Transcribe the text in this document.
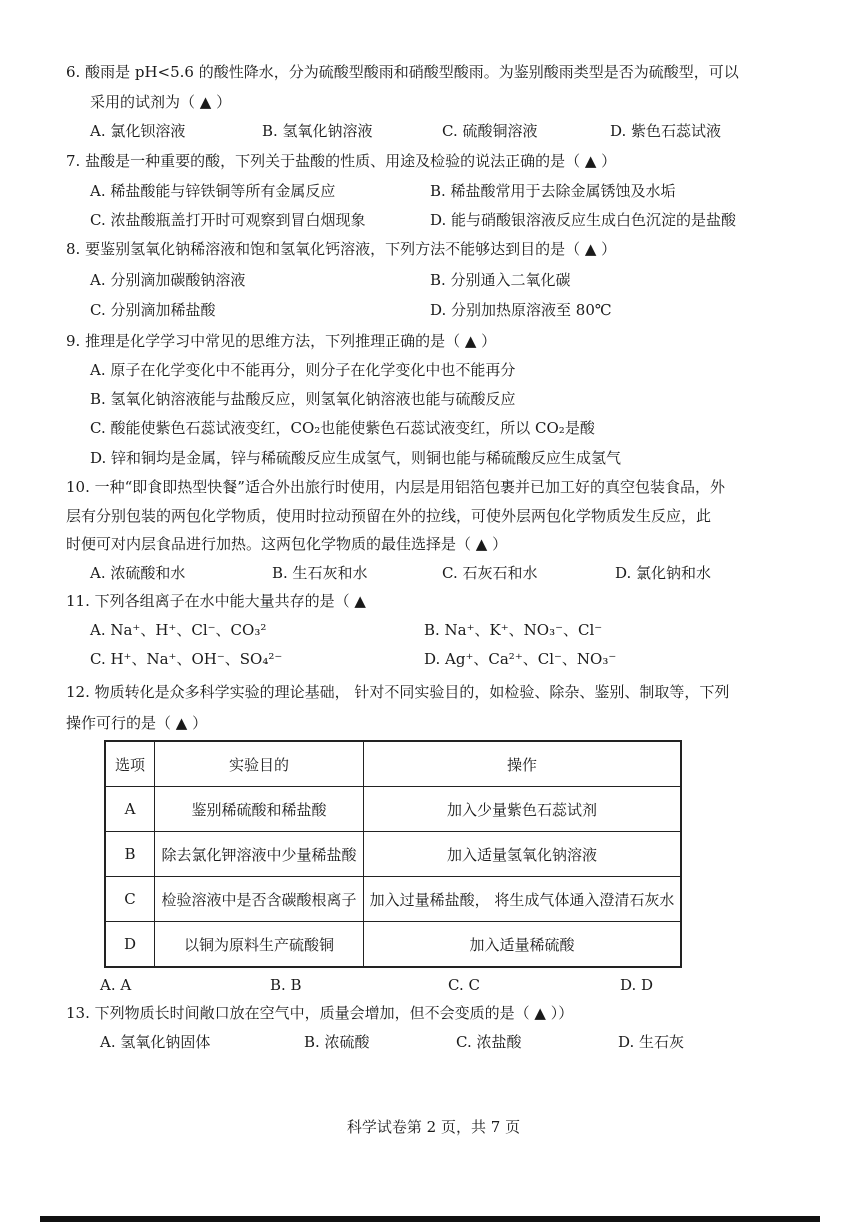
6. 酸雨是 pH<5.6 的酸性降水，分为硫酸型酸雨和硝酸型酸雨。为鉴别酸雨类型是否为硫酸型，可以
采用的试剂为（ ▲ ）
A. 氯化钡溶液	B. 氢氧化钠溶液	C. 硫酸铜溶液	D. 紫色石蕊试液
7. 盐酸是一种重要的酸，下列关于盐酸的性质、用途及检验的说法正确的是（ ▲ ）
A. 稀盐酸能与锌铁铜等所有金属反应	B. 稀盐酸常用于去除金属锈蚀及水垢
C. 浓盐酸瓶盖打开时可观察到冒白烟现象	D. 能与硝酸银溶液反应生成白色沉淀的是盐酸
8. 要鉴别氢氧化钠稀溶液和饱和氢氧化钙溶液，下列方法不能够达到目的是（ ▲ ）
A. 分别滴加碳酸钠溶液	B. 分别通入二氧化碳
C. 分别滴加稀盐酸	D. 分别加热原溶液至 80℃
9. 推理是化学学习中常见的思维方法，下列推理正确的是（ ▲ ）
A. 原子在化学变化中不能再分，则分子在化学变化中也不能再分
B. 氢氧化钠溶液能与盐酸反应，则氢氧化钠溶液也能与硫酸反应
C. 酸能使紫色石蕊试液变红，CO₂也能使紫色石蕊试液变红，所以 CO₂是酸
D. 锌和铜均是金属，锌与稀硫酸反应生成氢气，则铜也能与稀硫酸反应生成氢气
10. 一种“即食即热型快餐”适合外出旅行时使用，内层是用铝箔包裹并已加工好的真空包装食品，外
层有分别包装的两包化学物质，使用时拉动预留在外的拉线，可使外层两包化学物质发生反应，此
时便可对内层食品进行加热。这两包化学物质的最佳选择是（ ▲ ）
A. 浓硫酸和水	B. 生石灰和水	C. 石灰石和水	D. 氯化钠和水
11. 下列各组离子在水中能大量共存的是（ ▲
A. Na⁺、H⁺、Cl⁻、CO₃²	B. Na⁺、K⁺、NO₃⁻、Cl⁻
C. H⁺、Na⁺、OH⁻、SO₄²⁻	D. Ag⁺、Ca²⁺、Cl⁻、NO₃⁻
12. 物质转化是众多科学实验的理论基础， 针对不同实验目的，如检验、除杂、鉴别、制取等，下列
操作可行的是（ ▲ ）
选项	实验目的	操作
A	鉴别稀硫酸和稀盐酸	加入少量紫色石蕊试剂
B	除去氯化钾溶液中少量稀盐酸	加入适量氢氧化钠溶液
C	检验溶液中是否含碳酸根离子	加入过量稀盐酸， 将生成气体通入澄清石灰水
D	以铜为原料生产硫酸铜	加入适量稀硫酸
A. A	B. B	C. C	D. D
13. 下列物质长时间敞口放在空气中，质量会增加，但不会变质的是（ ▲ ））
A. 氢氧化钠固体	B. 浓硫酸	C. 浓盐酸	D. 生石灰
科学试卷第 2 页，共 7 页
